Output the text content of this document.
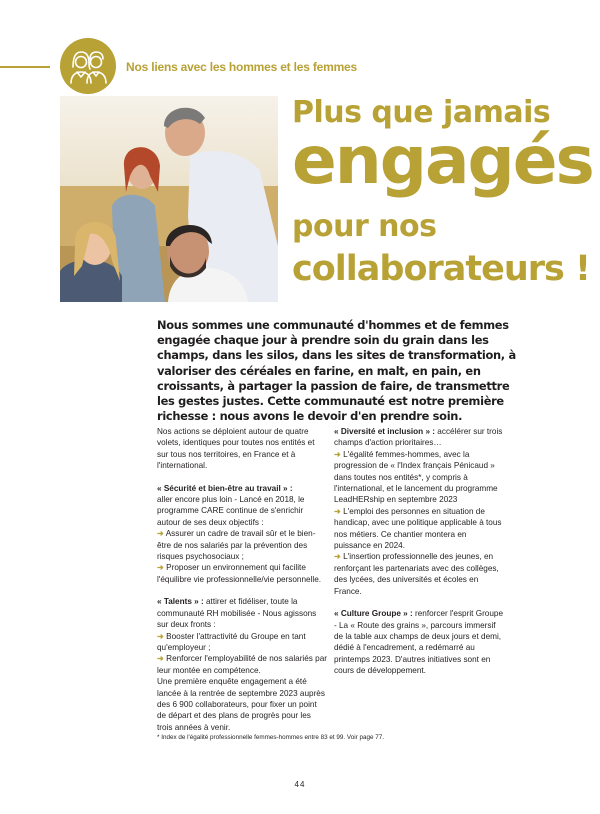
Nos liens avec les hommes et les femmes
Plus que jamais
engagés
pour nos
collaborateurs !
Nous sommes une communauté d'hommes et de femmes engagée chaque jour à prendre soin du grain dans les champs, dans les silos, dans les sites de transformation, à valoriser des céréales en farine, en malt, en pain, en croissants, à partager la passion de faire, de transmettre les gestes justes. Cette communauté est notre première richesse : nous avons le devoir d'en prendre soin.

Nos actions se déploient autour de quatre volets, identiques pour toutes nos entités et sur tous nos territoires, en France et à l'international.

« Sécurité et bien-être au travail » :
aller encore plus loin - Lancé en 2018, le programme CARE continue de s'enrichir autour de ses deux objectifs :
➜ Assurer un cadre de travail sûr et le bien-être de nos salariés par la prévention des risques psychosociaux ;
➜ Proposer un environnement qui facilite l'équilibre vie professionnelle/vie personnelle.

« Talents » : attirer et fidéliser, toute la communauté RH mobilisée - Nous agissons sur deux fronts :
➜ Booster l'attractivité du Groupe en tant qu'employeur ;
➜ Renforcer l'employabilité de nos salariés par leur montée en compétence.
Une première enquête engagement a été lancée à la rentrée de septembre 2023 auprès des 6 900 collaborateurs, pour fixer un point de départ et des plans de progrès pour les trois années à venir.

« Diversité et inclusion » : accélérer sur trois champs d'action prioritaires…
➜ L'égalité femmes-hommes, avec la progression de « l'Index français Pénicaud » dans toutes nos entités*, y compris à l'international, et le lancement du programme LeadHERship en septembre 2023
➜ L'emploi des personnes en situation de handicap, avec une politique applicable à tous nos métiers. Ce chantier montera en puissance en 2024.
➜ L'insertion professionnelle des jeunes, en renforçant les partenariats avec des collèges, des lycées, des universités et écoles en France.

« Culture Groupe » : renforcer l'esprit Groupe - La « Route des grains », parcours immersif de la table aux champs de deux jours et demi, dédié à l'encadrement, a redémarré au printemps 2023. D'autres initiatives sont en cours de développement.

* Index de l'égalité professionnelle femmes-hommes entre 83 et 99. Voir page 77.
44
